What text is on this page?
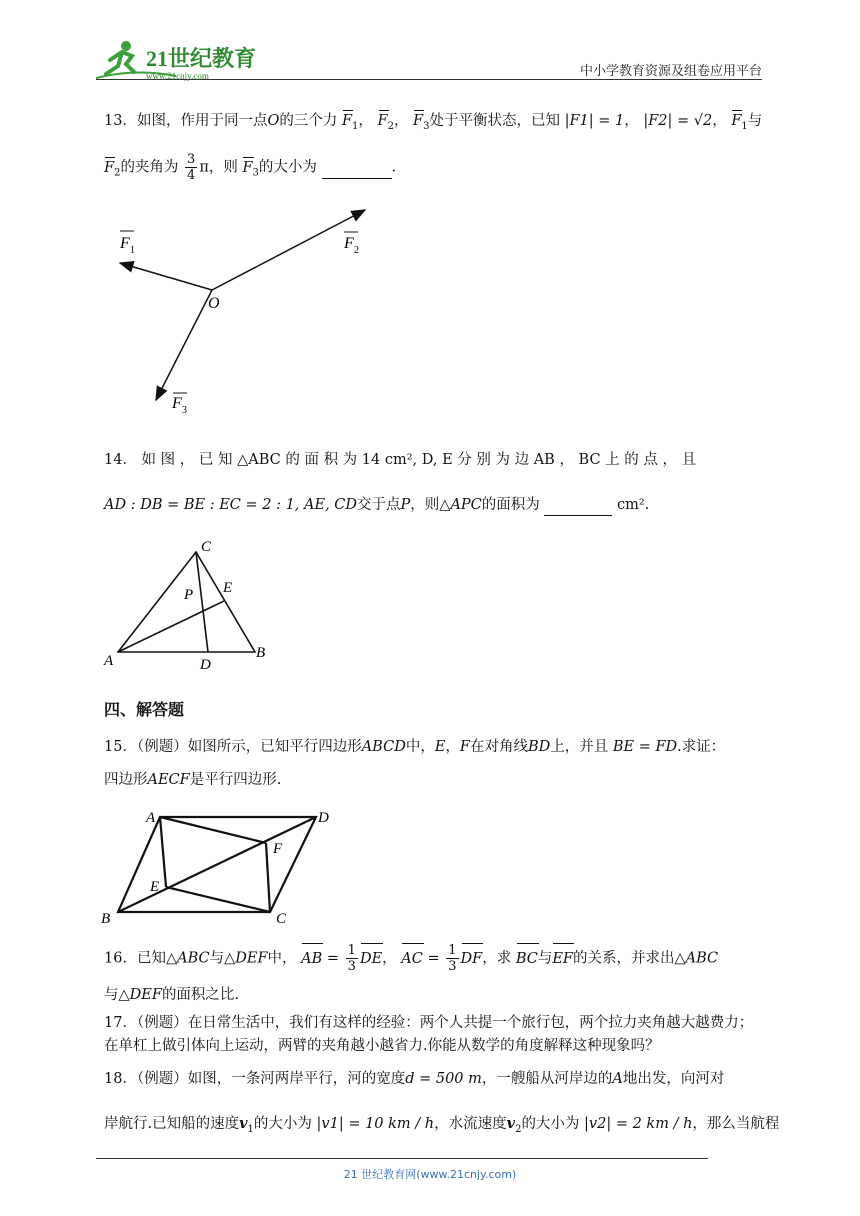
21世纪教育
www.21cnjy.com	中小学教育资源及组卷应用平台
13．如图，作用于同一点O的三个力 $F_1$， $F_2$， $F_3$处于平衡状态，已知 |F1| = 1， |F2| = √2， $F_1$与
$F_2$的夹角为 $\frac{3}{4}$ π，则 $F_3$的大小为	.
O
F 1	F 2
F 3
14． 如 图 ， 已 知 △ABC 的 面 积 为 14 cm², D, E 分 别 为 边 AB ， BC 上 的 点 ， 且
AD : DB = BE : EC = 2 : 1, AE, CD交于点P，则△APC的面积为	cm².
A	B
C
D
E
P
四、解答题
15．（例题）如图所示，已知平行四边形ABCD中，E，F在对角线BD上，并且 BE = FD.求证：
四边形AECF是平行四边形.
A
B	C
D
E
F
16．已知△ABC与△DEF中， AB = $\frac{1}{3}$ DE， AC = $\frac{1}{3}$ DF，求 BC与EF的关系，并求出△ABC
与△DEF的面积之比.
17．（例题）在日常生活中，我们有这样的经验：两个人共提一个旅行包，两个拉力夹角越大越费力；
在单杠上做引体向上运动，两臂的夹角越小越省力.你能从数学的角度解释这种现象吗？
18．（例题）如图，一条河两岸平行，河的宽度d = 500 m，一艘船从河岸边的A地出发，向河对
岸航行.已知船的速度$v_1$的大小为 |v1| = 10 km / h，水流速度$v_2$的大小为 |v2| = 2 km / h，那么当航程
21 世纪教育网(www.21cnjy.com)
